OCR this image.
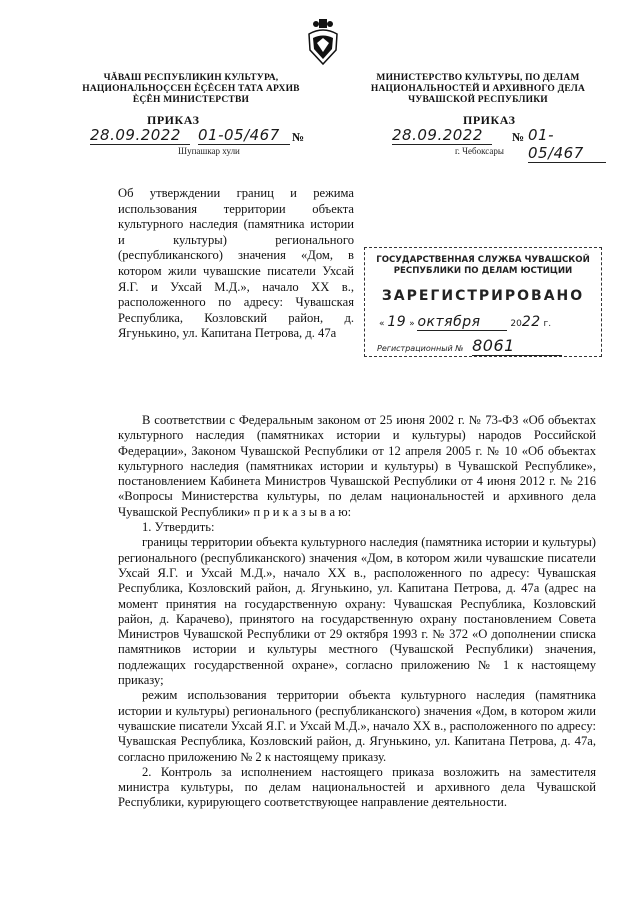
ЧĂВАШ РЕСПУБЛИКИН КУЛЬТУРА, НАЦИОНАЛЬНОÇСЕН ÈÇÊСЕН ТАТА АРХИВ ÈÇÊН МИНИСТЕРСТВИ
МИНИСТЕРСТВО КУЛЬТУРЫ, ПО ДЕЛАМ НАЦИОНАЛЬНОСТЕЙ И АРХИВНОГО ДЕЛА ЧУВАШСКОЙ РЕСПУБЛИКИ
ПРИКАЗ	ПРИКАЗ
28.09.2022	01-05/467	№	28.09.2022	№ 01-05/467
Шупашкар хули	г. Чебоксары
Об утверждении границ и режима использования территории объекта культурного наследия (памятника истории и культуры) регионального (республиканского) значения «Дом, в котором жили чувашские писатели Ухсай Я.Г. и Ухсай М.Д.», начало ХХ в., расположенного по адресу: Чувашская Республика, Козловский район, д. Ягунькино, ул. Капитана Петрова, д. 47а
ГОСУДАРСТВЕННАЯ СЛУЖБА ЧУВАШСКОЙ РЕСПУБЛИКИ ПО ДЕЛАМ ЮСТИЦИИ
ЗАРЕГИСТРИРОВАНО
« 19 » октября	2022 г.
Регистрационный № 8061

В соответствии с Федеральным законом от 25 июня 2002 г. № 73-ФЗ «Об объектах культурного наследия (памятниках истории и культуры) народов Российской Федерации», Законом Чувашской Республики от 12 апреля 2005 г. № 10 «Об объектах культурного наследия (памятниках истории и культуры) в Чувашской Республике», постановлением Кабинета Министров Чувашской Республики от 4 июня 2012 г. № 216 «Вопросы Министерства культуры, по делам национальностей и архивного дела Чувашской Республики» п р и к а з ы в а ю:

1. Утвердить:

границы территории объекта культурного наследия (памятника истории и культуры) регионального (республиканского) значения «Дом, в котором жили чувашские писатели Ухсай Я.Г. и Ухсай М.Д.», начало ХХ в., расположенного по адресу: Чувашская Республика, Козловский район, д. Ягунькино, ул. Капитана Петрова, д. 47а (адрес на момент принятия на государственную охрану: Чувашская Республика, Козловский район, д. Карачево), принятого на государственную охрану постановлением Совета Министров Чувашской Республики от 29 октября 1993 г. № 372 «О дополнении списка памятников истории и культуры местного (Чувашской Республики) значения, подлежащих государственной охране», согласно приложению № 1 к настоящему приказу;

режим использования территории объекта культурного наследия (памятника истории и культуры) регионального (республиканского) значения «Дом, в котором жили чувашские писатели Ухсай Я.Г. и Ухсай М.Д.», начало ХХ в., расположенного по адресу: Чувашская Республика, Козловский район, д. Ягунькино, ул. Капитана Петрова, д. 47а, согласно приложению № 2 к настоящему приказу.

2. Контроль за исполнением настоящего приказа возложить на заместителя министра культуры, по делам национальностей и архивного дела Чувашской Республики, курирующего соответствующее направление деятельности.
